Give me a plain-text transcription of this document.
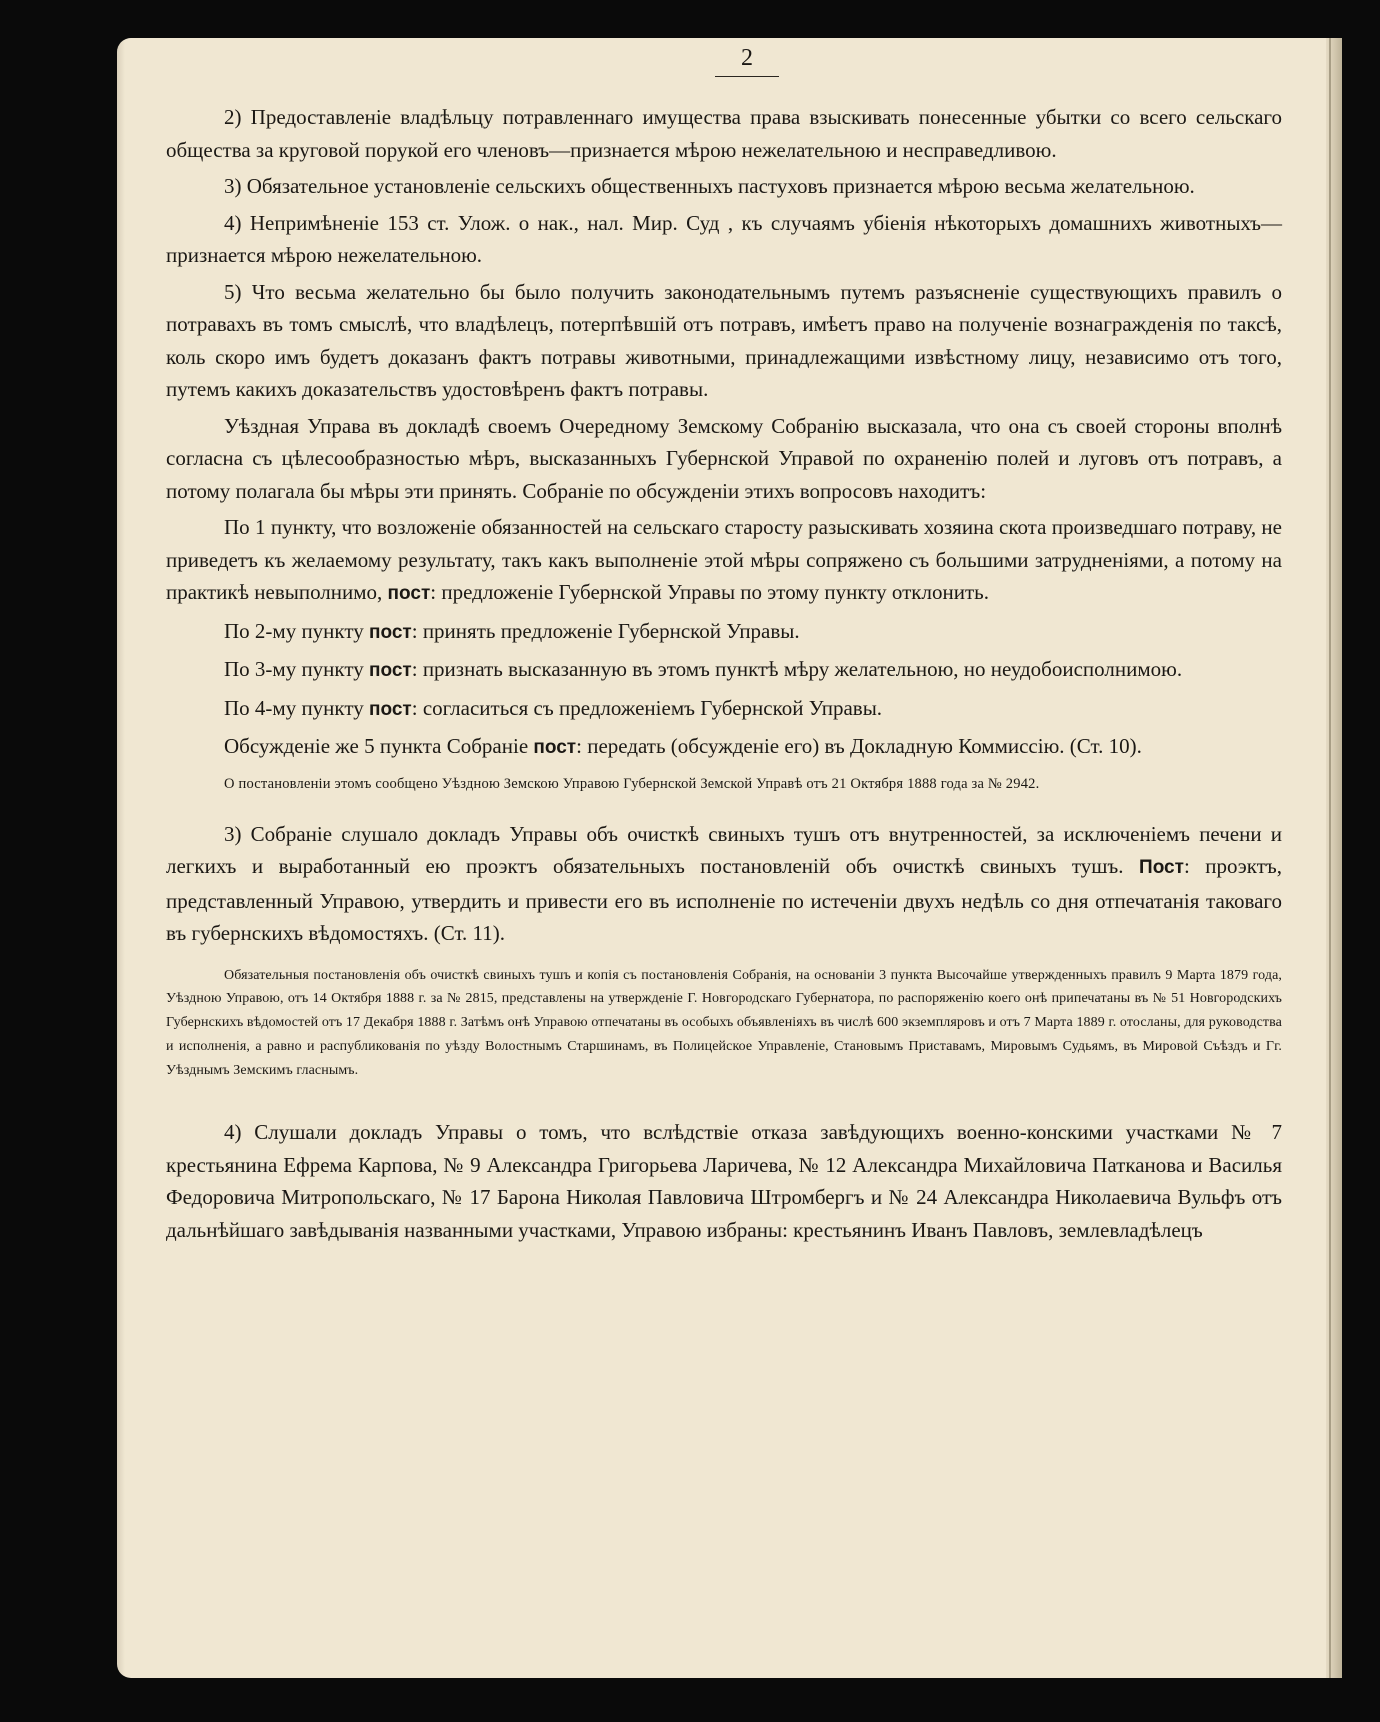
2

2) Предоставленіе владѣльцу потравленнаго имущества права взыскивать понесенные убытки со всего сельскаго общества за круговой порукой его членовъ—признается мѣрою нежелательною и несправедливою.

3) Обязательное установленіе сельскихъ общественныхъ пастуховъ признается мѣрою весьма желательною.

4) Непримѣненіе 153 ст. Улож. о нак., нал. Мир. Суд , къ случаямъ убіенія нѣкоторыхъ домашнихъ животныхъ—признается мѣрою нежелательною.

5) Что весьма желательно бы было получить законодательнымъ путемъ разъясненіе существующихъ правилъ о потравахъ въ томъ смыслѣ, что владѣлецъ, потерпѣвшій отъ потравъ, имѣетъ право на полученіе вознагражденія по таксѣ, коль скоро имъ будетъ доказанъ фактъ потравы животными, принадлежащими извѣстному лицу, независимо отъ того, путемъ какихъ доказательствъ удостовѣренъ фактъ потравы.

Уѣздная Управа въ докладѣ своемъ Очередному Земскому Собранію высказала, что она съ своей стороны вполнѣ согласна съ цѣлесообразностью мѣръ, высказанныхъ Губернской Управой по охраненію полей и луговъ отъ потравъ, а потому полагала бы мѣры эти принять. Собраніе по обсужденіи этихъ вопросовъ находитъ:

По 1 пункту, что возложеніе обязанностей на сельскаго старосту разыскивать хозяина скота произведшаго потраву, не приведетъ къ желаемому результату, такъ какъ выполненіе этой мѣры сопряжено съ большими затрудненіями, а потому на практикѣ невыполнимо, пост: предложеніе Губернской Управы по этому пункту отклонить.

По 2-му пункту пост: принять предложеніе Губернской Управы.

По 3-му пункту пост: признать высказанную въ этомъ пунктѣ мѣру желательною, но неудобоисполнимою.

По 4-му пункту пост: согласиться съ предложеніемъ Губернской Управы.

Обсужденіе же 5 пункта Собраніе пост: передать (обсужденіе его) въ Докладную Коммиссію. (Ст. 10).

О постановленіи этомъ сообщено Уѣздною Земскою Управою Губернской Земской Управѣ отъ 21 Октября 1888 года за № 2942.

3) Собраніе слушало докладъ Управы объ очисткѣ свиныхъ тушъ отъ внутренностей, за исключеніемъ печени и легкихъ и выработанный ею проэктъ обязательныхъ постановленій объ очисткѣ свиныхъ тушъ. Пост: проэктъ, представленный Управою, утвердить и привести его въ исполненіе по истеченіи двухъ недѣль со дня отпечатанія таковаго въ губернскихъ вѣдомостяхъ. (Ст. 11).

Обязательныя постановленія объ очисткѣ свиныхъ тушъ и копія съ постановленія Собранія, на основаніи 3 пункта Высочайше утвержденныхъ правилъ 9 Марта 1879 года, Уѣздною Управою, отъ 14 Октября 1888 г. за № 2815, представлены на утвержденіе Г. Новгородскаго Губернатора, по распоряженію коего онѣ припечатаны въ № 51 Новгородскихъ Губернскихъ вѣдомостей отъ 17 Декабря 1888 г. Затѣмъ онѣ Управою отпечатаны въ особыхъ объявленіяхъ въ числѣ 600 экземпляровъ и отъ 7 Марта 1889 г. отосланы, для руководства и исполненія, а равно и распубликованія по уѣзду Волостнымъ Старшинамъ, въ Полицейское Управленіе, Становымъ Приставамъ, Мировымъ Судьямъ, въ Мировой Съѣздъ и Гг. Уѣзднымъ Земскимъ гласнымъ.

4) Слушали докладъ Управы о томъ, что вслѣдствіе отказа завѣдующихъ военно-конскими участками № 7 крестьянина Ефрема Карпова, № 9 Александра Григорьева Ларичева, № 12 Александра Михайловича Патканова и Василья Федоровича Митропольскаго, № 17 Барона Николая Павловича Штромбергъ и № 24 Александра Николаевича Вульфъ отъ дальнѣйшаго завѣдыванія названными участками, Управою избраны: крестьянинъ Иванъ Павловъ, землевладѣлецъ
